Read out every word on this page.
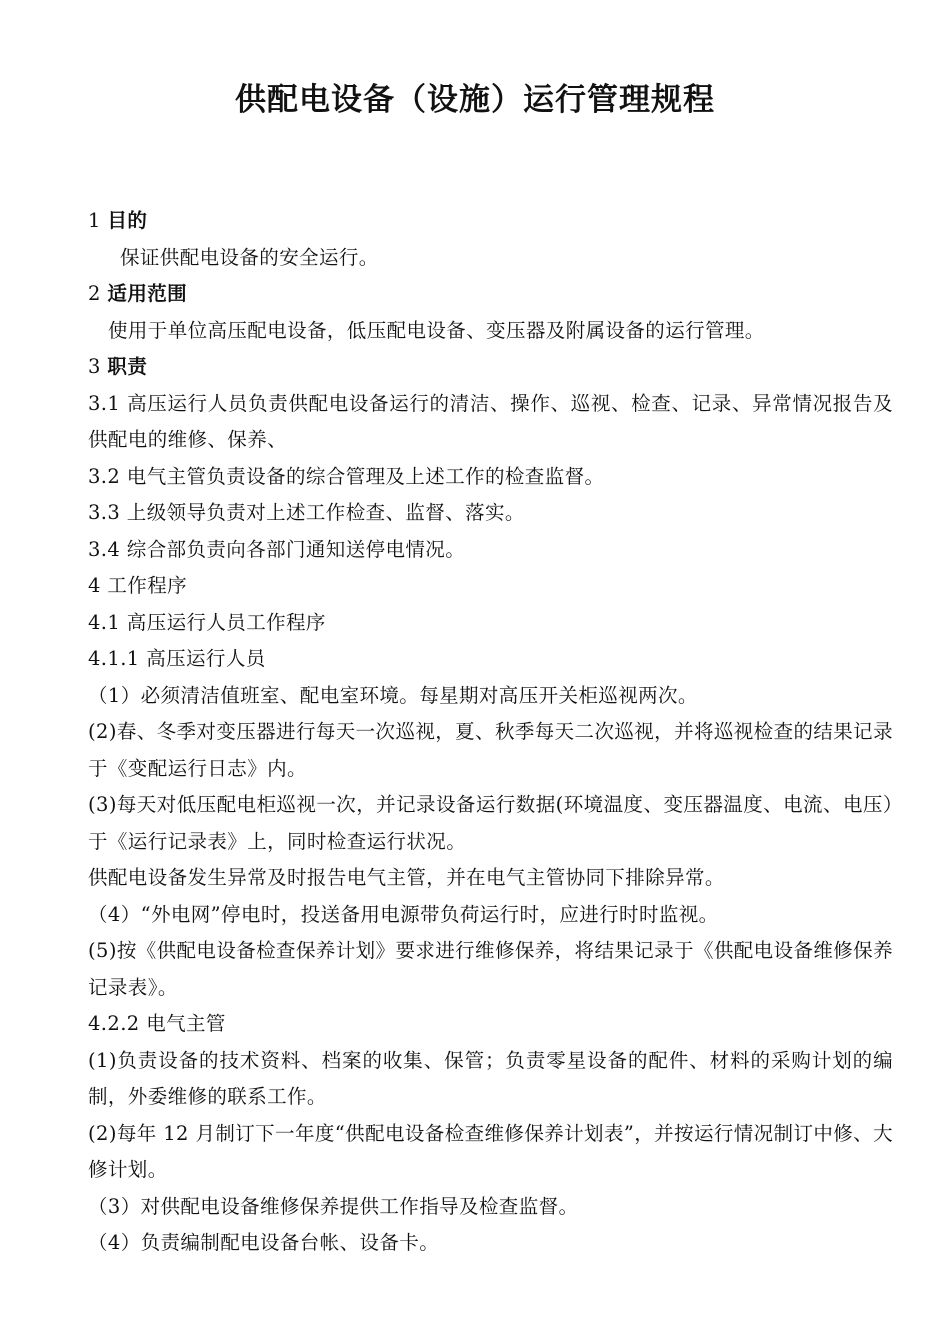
供配电设备（设施）运行管理规程

1 目的

保证供配电设备的安全运行。

2 适用范围

使用于单位高压配电设备，低压配电设备、变压器及附属设备的运行管理。

3 职责

3.1 高压运行人员负责供配电设备运行的清洁、操作、巡视、检查、记录、异常情况报告及供配电的维修、保养、

3.2 电气主管负责设备的综合管理及上述工作的检查监督。

3.3 上级领导负责对上述工作检查、监督、落实。

3.4 综合部负责向各部门通知送停电情况。

4 工作程序

4.1 高压运行人员工作程序

4.1.1 高压运行人员

（1）必须清洁值班室、配电室环境。每星期对高压开关柜巡视两次。

(2)春、冬季对变压器进行每天一次巡视，夏、秋季每天二次巡视，并将巡视检查的结果记录于《变配运行日志》内。

(3)每天对低压配电柜巡视一次，并记录设备运行数据(环境温度、变压器温度、电流、电压）于《运行记录表》上，同时检查运行状况。

供配电设备发生异常及时报告电气主管，并在电气主管协同下排除异常。

（4）“外电网”停电时，投送备用电源带负荷运行时，应进行时时监视。

(5)按《供配电设备检查保养计划》要求进行维修保养，将结果记录于《供配电设备维修保养记录表》。

4.2.2 电气主管

(1)负责设备的技术资料、档案的收集、保管；负责零星设备的配件、材料的采购计划的编制，外委维修的联系工作。

(2)每年 12 月制订下一年度“供配电设备检查维修保养计划表”，并按运行情况制订中修、大修计划。

（3）对供配电设备维修保养提供工作指导及检查监督。

（4）负责编制配电设备台帐、设备卡。
